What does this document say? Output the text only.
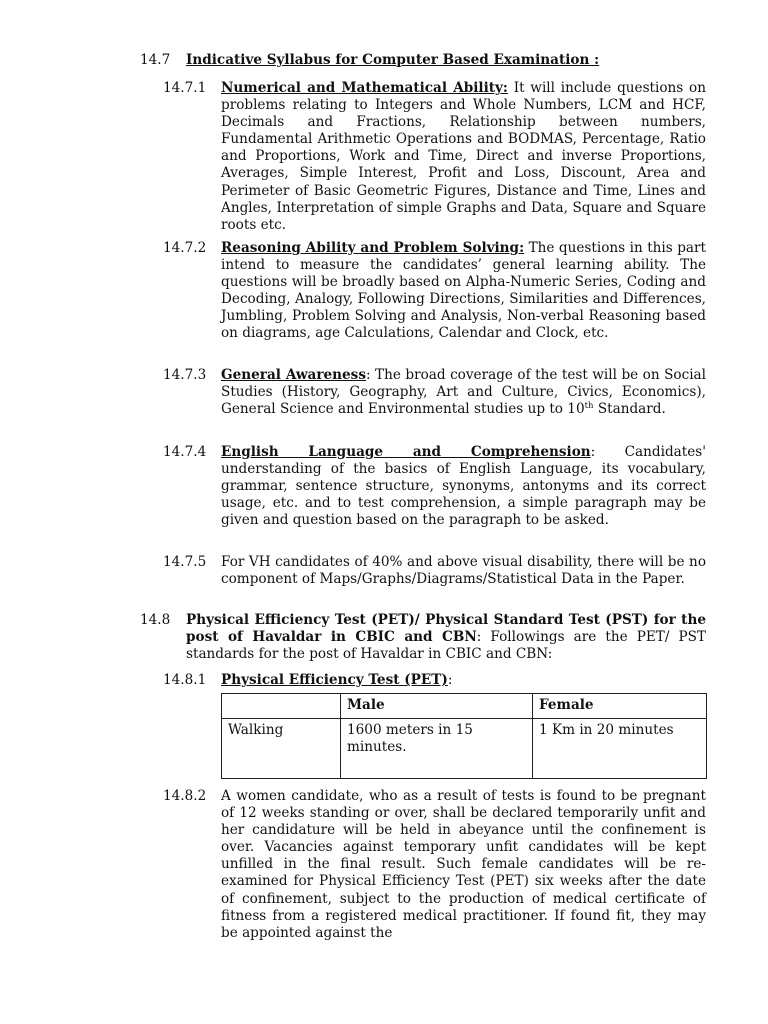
14.7 Indicative Syllabus for Computer Based Examination :
14.7.1 Numerical and Mathematical Ability: It will include questions on problems relating to Integers and Whole Numbers, LCM and HCF, Decimals and Fractions, Relationship between numbers, Fundamental Arithmetic Operations and BODMAS, Percentage, Ratio and Proportions, Work and Time, Direct and inverse Proportions, Averages, Simple Interest, Profit and Loss, Discount, Area and Perimeter of Basic Geometric Figures, Distance and Time, Lines and Angles, Interpretation of simple Graphs and Data, Square and Square roots etc.

14.7.2 Reasoning Ability and Problem Solving: The questions in this part intend to measure the candidates’ general learning ability. The questions will be broadly based on Alpha-Numeric Series, Coding and Decoding, Analogy, Following Directions, Similarities and Differences, Jumbling, Problem Solving and Analysis, Non-verbal Reasoning based on diagrams, age Calculations, Calendar and Clock, etc.

14.7.3 General Awareness: The broad coverage of the test will be on Social Studies (History, Geography, Art and Culture, Civics, Economics), General Science and Environmental studies up to 10th Standard.

14.7.4 English Language and Comprehension: Candidates' understanding of the basics of English Language, its vocabulary, grammar, sentence structure, synonyms, antonyms and its correct usage, etc. and to test comprehension, a simple paragraph may be given and question based on the paragraph to be asked.

14.7.5 For VH candidates of 40% and above visual disability, there will be no component of Maps/Graphs/Diagrams/Statistical Data in the Paper.

14.8 Physical Efficiency Test (PET)/ Physical Standard Test (PST) for the post of Havaldar in CBIC and CBN: Followings are the PET/ PST standards for the post of Havaldar in CBIC and CBN:

14.8.1 Physical Efficiency Test (PET):

	Male	Female
Walking	1600 meters in 15 minutes.	1 Km in 20 minutes
14.8.2 A women candidate, who as a result of tests is found to be pregnant of 12 weeks standing or over, shall be declared temporarily unfit and her candidature will be held in abeyance until the confinement is over. Vacancies against temporary unfit candidates will be kept unfilled in the final result. Such female candidates will be re-examined for Physical Efficiency Test (PET) six weeks after the date of confinement, subject to the production of medical certificate of fitness from a registered medical practitioner. If found fit, they may be appointed against the
